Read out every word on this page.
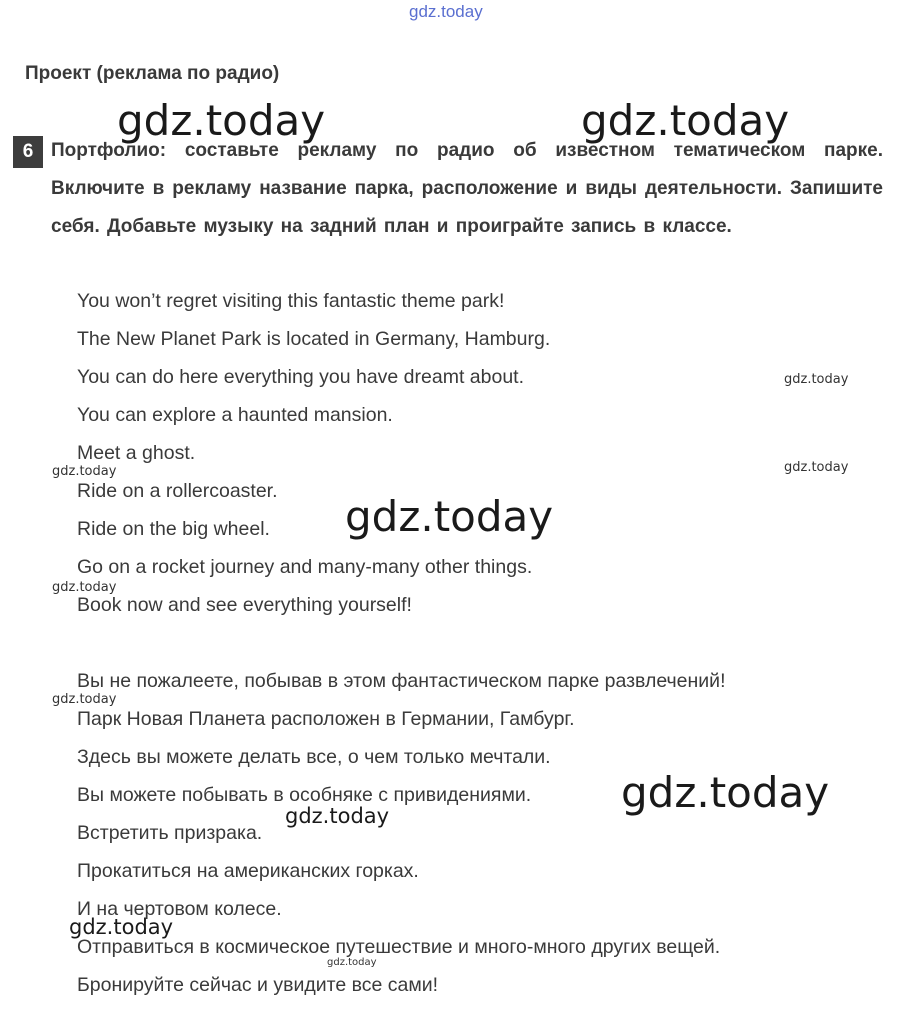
gdz.today
gdz.today	gdz.today
gdz.today
gdz.today
gdz.today
gdz.today
gdz.today
gdz.today
gdz.today
gdz.today
gdz.today
gdz.today
Проект (реклама по радио)
6 Портфолио: составьте рекламу по радио об известном тематическом парке. Включите в рекламу название парка, расположение и виды деятельности. Запишите себя. Добавьте музыку на задний план и проиграйте запись в классе.
You won’t regret visiting this fantastic theme park!
The New Planet Park is located in Germany, Hamburg.
You can do here everything you have dreamt about.
You can explore a haunted mansion.
Meet a ghost.
Ride on a rollercoaster.
Ride on the big wheel.
Go on a rocket journey and many-many other things.
Book now and see everything yourself!
Вы не пожалеете, побывав в этом фантастическом парке развлечений!
Парк Новая Планета расположен в Германии, Гамбург.
Здесь вы можете делать все, о чем только мечтали.
Вы можете побывать в особняке с привидениями.
Встретить призрака.
Прокатиться на американских горках.
И на чертовом колесе.
Отправиться в космическое путешествие и много-много других вещей.
Бронируйте сейчас и увидите все сами!
